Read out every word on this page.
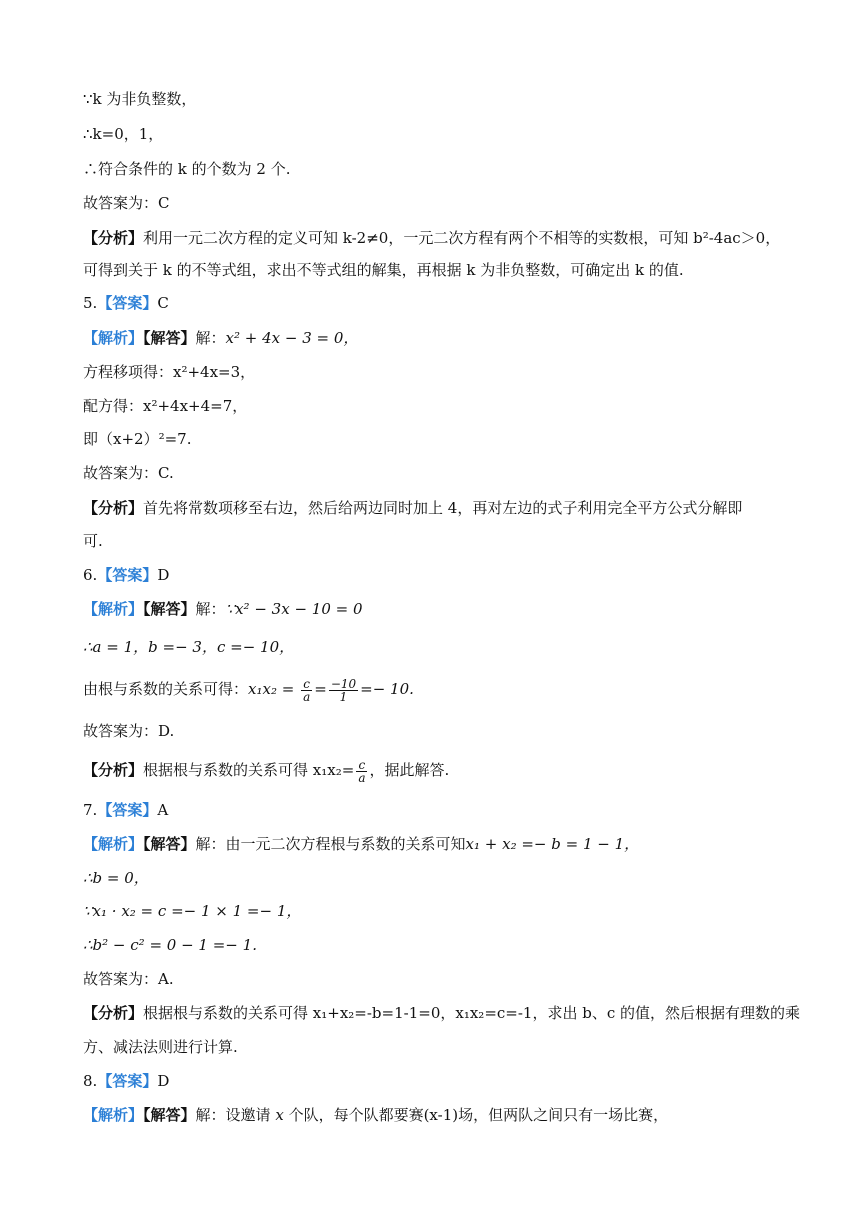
∵k 为非负整数，
∴k=0，1，
∴符合条件的 k 的个数为 2 个.
故答案为：C
【分析】利用一元二次方程的定义可知 k-2≠0，一元二次方程有两个不相等的实数根，可知 b²-4ac＞0，
可得到关于 k 的不等式组，求出不等式组的解集，再根据 k 为非负整数，可确定出 k 的值.
5.【答案】C
【解析】【解答】解：x² + 4x − 3 = 0，
方程移项得：x²+4x=3，
配方得：x²+4x+4=7，
即（x+2）²=7.
故答案为：C.
【分析】首先将常数项移至右边，然后给两边同时加上 4，再对左边的式子利用完全平方公式分解即
可.
6.【答案】D
【解析】【解答】解：∵x² − 3x − 10 = 0
∴a = 1，b =− 3，c =− 10，
由根与系数的关系可得：$x_1x_2 = \frac{c}{a} = \frac{-10}{1} =- 10$.
故答案为：D.
【分析】根据根与系数的关系可得 $x_1x_2= \frac{c}{a}$ ，据此解答.
7.【答案】A
【解析】【解答】解：由一元二次方程根与系数的关系可知x₁ + x₂ =− b = 1 − 1，
∴b = 0，
∵x₁ · x₂ = c =− 1 × 1 =− 1，
∴b² − c² = 0 − 1 =− 1.
故答案为：A.
【分析】根据根与系数的关系可得 x₁+x₂=-b=1-1=0，x₁x₂=c=-1，求出 b、c 的值，然后根据有理数的乘
方、减法法则进行计算.
8.【答案】D
【解析】【解答】解：设邀请 x 个队，每个队都要赛(x-1)场，但两队之间只有一场比赛，
